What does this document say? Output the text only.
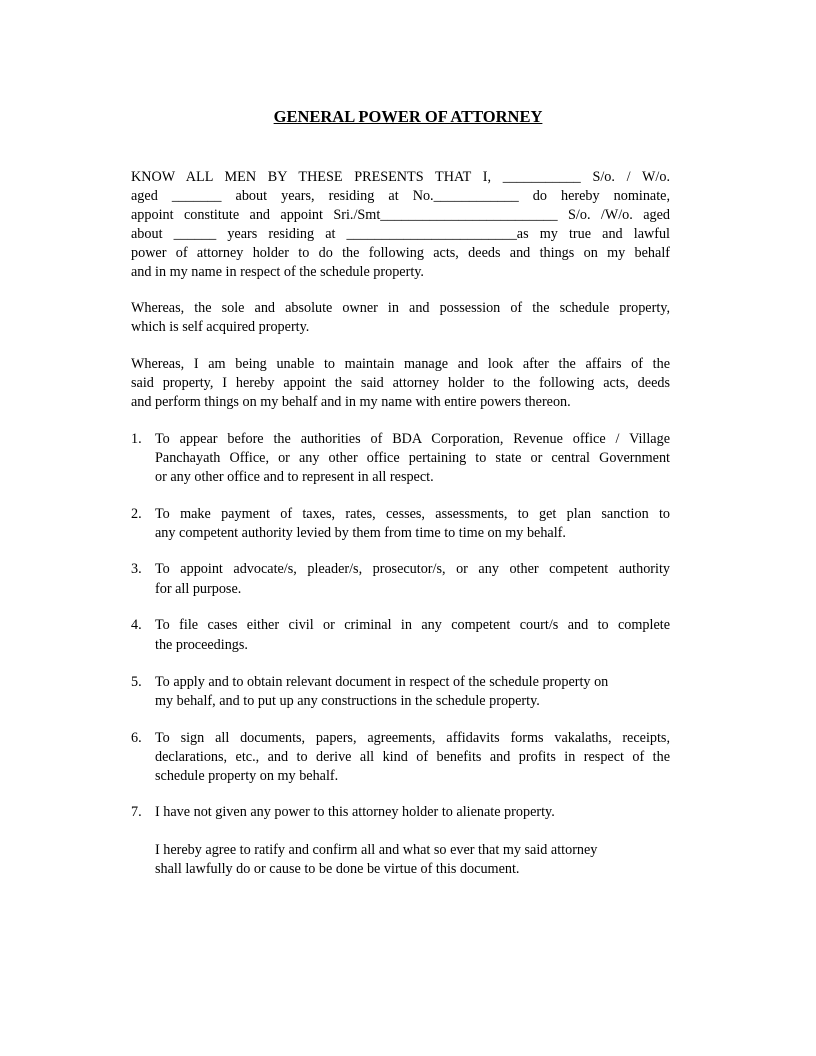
GENERAL POWER OF ATTORNEY
KNOW ALL MEN BY THESE PRESENTS THAT I, ___________ S/o. / W/o.
aged _______ about years, residing at No.____________ do hereby nominate,
appoint constitute and appoint Sri./Smt_________________________ S/o. /W/o. aged
about ______ years residing at ________________________as my true and lawful
power of attorney holder to do the following acts, deeds and things on my behalf
and in my name in respect of the schedule property.
Whereas, the sole and absolute owner in and possession of the schedule property,
which is self acquired property.
Whereas, I am being unable to maintain manage and look after the affairs of the
said property, I hereby appoint the said attorney holder to the following acts, deeds
and perform things on my behalf and in my name with entire powers thereon.
1. To appear before the authorities of BDA Corporation, Revenue office / Village
Panchayath Office, or any other office pertaining to state or central Government
or any other office and to represent in all respect.
2. To make payment of taxes, rates, cesses, assessments, to get plan sanction to
any competent authority levied by them from time to time on my behalf.
3. To appoint advocate/s, pleader/s, prosecutor/s, or any other competent authority
for all purpose.
4. To file cases either civil or criminal in any competent court/s and to complete
the proceedings.
5. To apply and to obtain relevant document in respect of the schedule property on
my behalf, and to put up any constructions in the schedule property.
6. To sign all documents, papers, agreements, affidavits forms vakalaths, receipts,
declarations, etc., and to derive all kind of benefits and profits in respect of the
schedule property on my behalf.
7. I have not given any power to this attorney holder to alienate property.
I hereby agree to ratify and confirm all and what so ever that my said attorney
shall lawfully do or cause to be done be virtue of this document.
